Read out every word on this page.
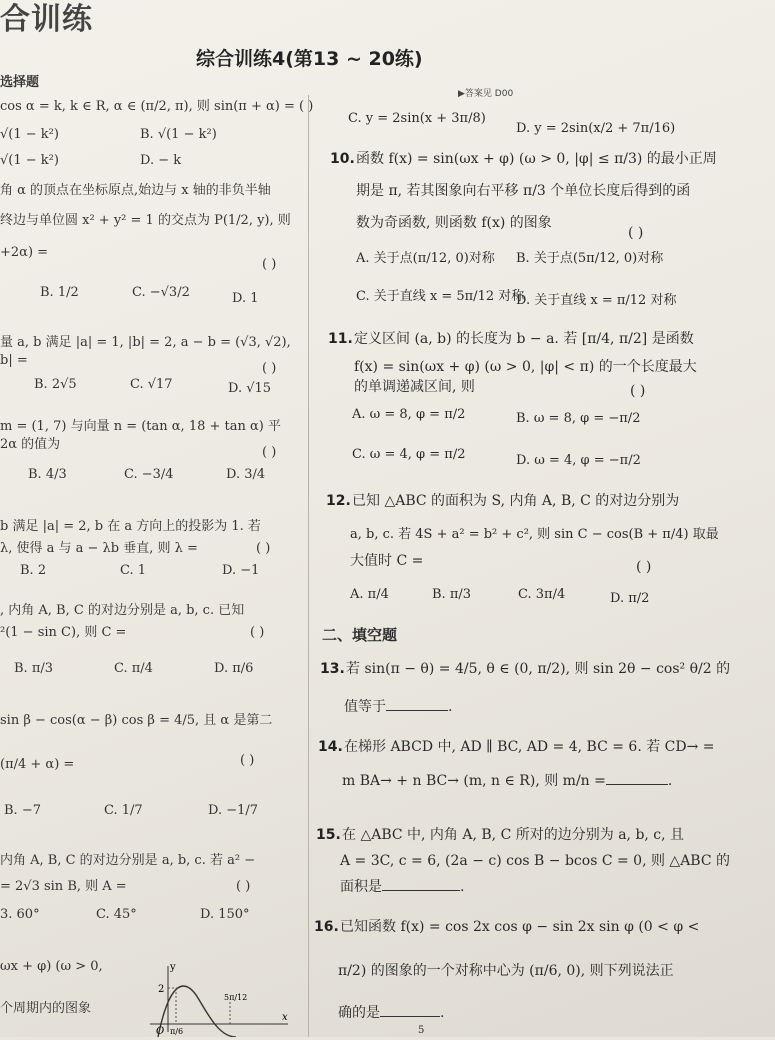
合训练
综合训练4(第13 ~ 20练)
▶答案见 D00
选择题
cos α = k, k ∈ R, α ∈ (π/2, π), 则 sin(π + α) = ( )
√(1 − k²)	B. √(1 − k²)
√(1 − k²)	D. − k
角 α 的顶点在坐标原点,始边与 x 轴的非负半轴
终边与单位圆 x² + y² = 1 的交点为 P(1/2, y), 则
+2α) =
( )
B. 1/2	C. −√3/2	D. 1
量 a, b 满足 |a| = 1, |b| = 2, a − b = (√3, √2),
b| =
( )
B. 2√5	C. √17	D. √15
m = (1, 7) 与向量 n = (tan α, 18 + tan α) 平
2α 的值为
( )
B. 4/3	C. −3/4	D. 3/4
b 满足 |a| = 2, b 在 a 方向上的投影为 1. 若
λ, 使得 a 与 a − λb 垂直, 则 λ =	( )
B. 2	C. 1	D. −1
, 内角 A, B, C 的对边分别是 a, b, c. 已知
²(1 − sin C), 则 C =	( )
B. π/3	C. π/4	D. π/6
sin β − cos(α − β) cos β = 4/5, 且 α 是第二
(π/4 + α) =	( )
B. −7	C. 1/7	D. −1/7
内角 A, B, C 的对边分别是 a, b, c. 若 a² −
= 2√3 sin B, 则 A =	( )
3. 60°	C. 45°	D. 150°
ωx + φ) (ω > 0,
个周期内的图象
y
2
O π/6
5π/12
x
C. y = 2sin(x + 3π/8)
D. y = 2sin(x/2 + 7π/16)
10. 函数 f(x) = sin(ωx + φ) (ω > 0, |φ| ≤ π/3) 的最小正周
期是 π, 若其图象向右平移 π/3 个单位长度后得到的函
数为奇函数, 则函数 f(x) 的图象
( )
A. 关于点(π/12, 0)对称 B. 关于点(5π/12, 0)对称
C. 关于直线 x = 5π/12 对称
D. 关于直线 x = π/12 对称
11. 定义区间 (a, b) 的长度为 b − a. 若 [π/4, π/2] 是函数
f(x) = sin(ωx + φ) (ω > 0, |φ| < π) 的一个长度最大
的单调递减区间, 则	( )
A. ω = 8, φ = π/2	B. ω = 8, φ = −π/2
C. ω = 4, φ = π/2	D. ω = 4, φ = −π/2
12. 已知 △ABC 的面积为 S, 内角 A, B, C 的对边分别为
a, b, c. 若 4S + a² = b² + c², 则 sin C − cos(B + π/4) 取最
大值时 C =	( )
A. π/4	B. π/3	C. 3π/4	D. π/2
二、填空题
13. 若 sin(π − θ) = 4/5, θ ∈ (0, π/2), 则 sin 2θ − cos² θ/2 的
值等于	.
14. 在梯形 ABCD 中, AD ∥ BC, AD = 4, BC = 6. 若 CD→ =
m BA→ + n BC→ (m, n ∈ R), 则 m/n =	.
15. 在 △ABC 中, 内角 A, B, C 所对的边分别为 a, b, c, 且
A = 3C, c = 6, (2a − c) cos B − bcos C = 0, 则 △ABC 的
面积是	.
16. 已知函数 f(x) = cos 2x cos φ − sin 2x sin φ (0 < φ <
π/2) 的图象的一个对称中心为 (π/6, 0), 则下列说法正
确的是	.
5
